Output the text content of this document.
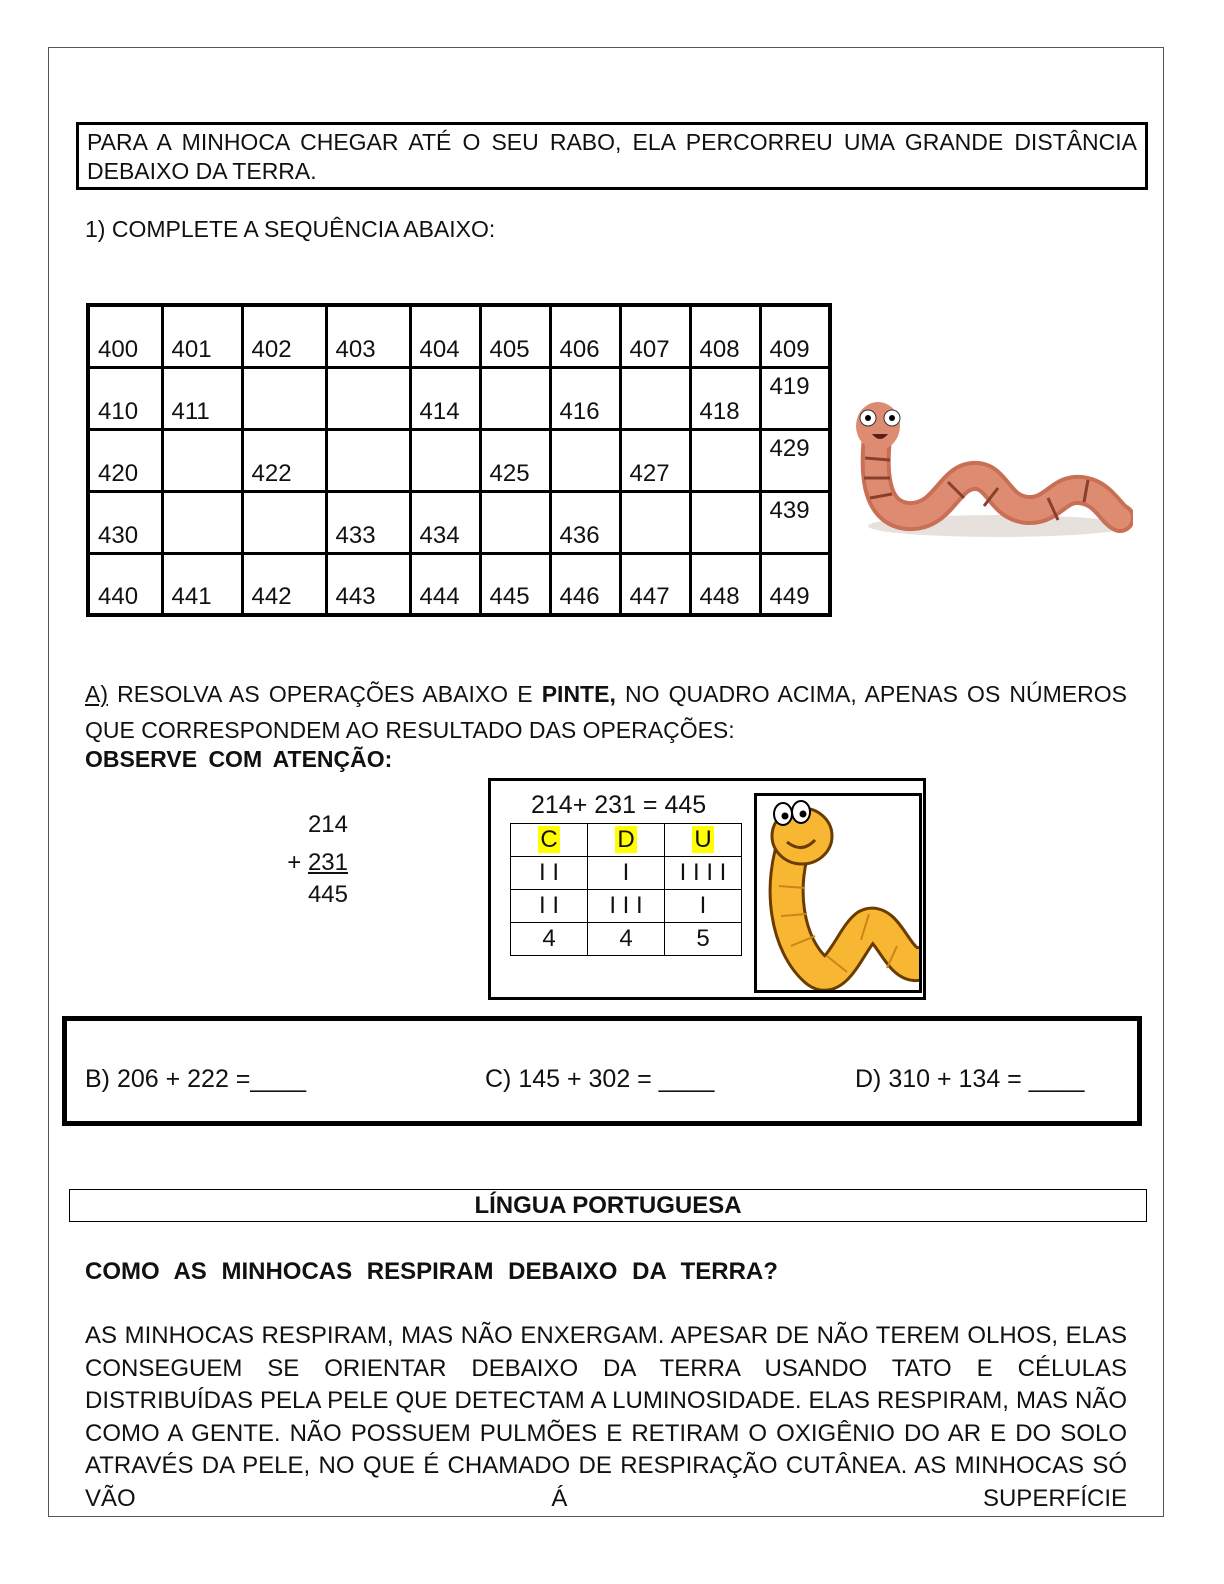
PARA A MINHOCA CHEGAR ATÉ O SEU RABO, ELA PERCORREU UMA GRANDE DISTÂNCIA DEBAIXO DA TERRA.
1) COMPLETE A SEQUÊNCIA ABAIXO:
400	401	402	403	404	405	406	407	408	409
410	411			414		416		418	419
420		422			425		427		429
430			433	434		436			439
440	441	442	443	444	445	446	447	448	449
A) RESOLVA AS OPERAÇÕES ABAIXO E PINTE, NO QUADRO ACIMA, APENAS OS NÚMEROS QUE CORRESPONDEM AO RESULTADO DAS OPERAÇÕES:
OBSERVE COM ATENÇÃO:
214
+ 231
445
214+ 231 = 445
C	D	U
I I	I	I I I I
I I	I I I	I
4	4	5
B) 206 + 222 =____	C) 145 + 302 = ____	D) 310 + 134 = ____
LÍNGUA PORTUGUESA
COMO AS MINHOCAS RESPIRAM DEBAIXO DA TERRA?
AS MINHOCAS RESPIRAM, MAS NÃO ENXERGAM. APESAR DE NÃO TEREM OLHOS, ELAS CONSEGUEM SE ORIENTAR DEBAIXO DA TERRA USANDO TATO E CÉLULAS DISTRIBUÍDAS PELA PELE QUE DETECTAM A LUMINOSIDADE. ELAS RESPIRAM, MAS NÃO COMO A GENTE. NÃO POSSUEM PULMÕES E RETIRAM O OXIGÊNIO DO AR E DO SOLO ATRAVÉS DA PELE, NO QUE É CHAMADO DE RESPIRAÇÃO CUTÂNEA. AS MINHOCAS SÓ VÃO Á SUPERFÍCIE
